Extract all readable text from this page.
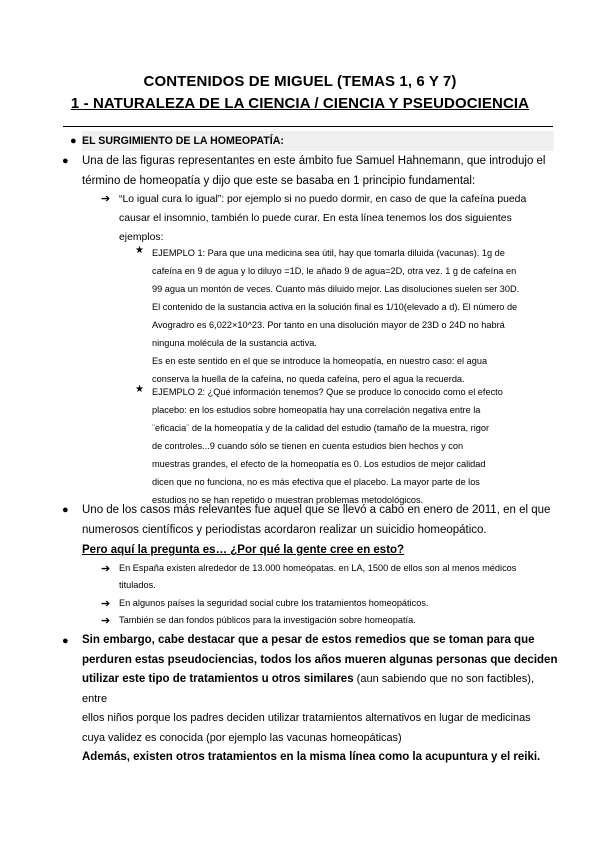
CONTENIDOS DE MIGUEL (TEMAS 1, 6 Y 7)
1 - NATURALEZA DE LA CIENCIA / CIENCIA Y PSEUDOCIENCIA
● EL SURGIMIENTO DE LA HOMEOPATÍA:
● Una de las figuras representantes en este ámbito fue Samuel Hahnemann, que introdujo el

término de homeopatía y dijo que este se basaba en 1 principio fundamental:

➔ “Lo igual cura lo igual”: por ejemplo si no puedo dormir, en caso de que la cafeína pueda

causar el insomnio, también lo puede curar. En esta línea tenemos los dos siguientes

ejemplos:

★ EJEMPLO 1: Para que una medicina sea útil, hay que tomarla diluida (vacunas). 1g de

cafeína en 9 de agua y lo diluyo =1D, le añado 9 de agua=2D, otra vez. 1 g de cafeína en

99 agua un montón de veces. Cuanto más diluido mejor. Las disoluciones suelen ser 30D.

El contenido de la sustancia activa en la solución final es 1/10(elevado a d). El número de

Avogradro es 6,022×10^23. Por tanto en una disolución mayor de 23D o 24D no habrá

ninguna molécula de la sustancia activa.

Es en este sentido en el que se introduce la homeopatía, en nuestro caso: el agua

conserva la huella de la cafeína, no queda cafeína, pero el agua la recuerda.

★ EJEMPLO 2: ¿Qué información tenemos? Que se produce lo conocido como el efecto

placebo: en los estudios sobre homeopatía hay una correlación negativa entre la

¨eficacia¨ de la homeopatía y de la calidad del estudio (tamaño de la muestra, rigor

de controles...9 cuando sólo se tienen en cuenta estudios bien hechos y con

muestras grandes, el efecto de la homeopatía es 0. Los estudios de mejor calidad

dicen que no funciona, no es más efectiva que el placebo. La mayor parte de los

estudios no se han repetido o muestran problemas metodológicos.

● Uno de los casos más relevantes fue aquel que se llevó a cabo en enero de 2011, en el que

numerosos científicos y periodistas acordaron realizar un suicidio homeopático.

Pero aquí la pregunta es… ¿Por qué la gente cree en esto?
➔ En España existen alrededor de 13.000 homeópatas. en LA, 1500 de ellos son al menos médicos

titulados.

➔ En algunos países la seguridad social cubre los tratamientos homeopáticos.
➔ También se dan fondos públicos para la investigación sobre homeopatía.
● Sin embargo, cabe destacar que a pesar de estos remedios que se toman para que

perduren estas pseudociencias, todos los años mueren algunas personas que deciden

utilizar este tipo de tratamientos u otros similares (aun sabiendo que no son factibles), entre

ellos niños porque los padres deciden utilizar tratamientos alternativos en lugar de medicinas

cuya validez es conocida (por ejemplo las vacunas homeopáticas)

Además, existen otros tratamientos en la misma línea como la acupuntura y el reiki.
